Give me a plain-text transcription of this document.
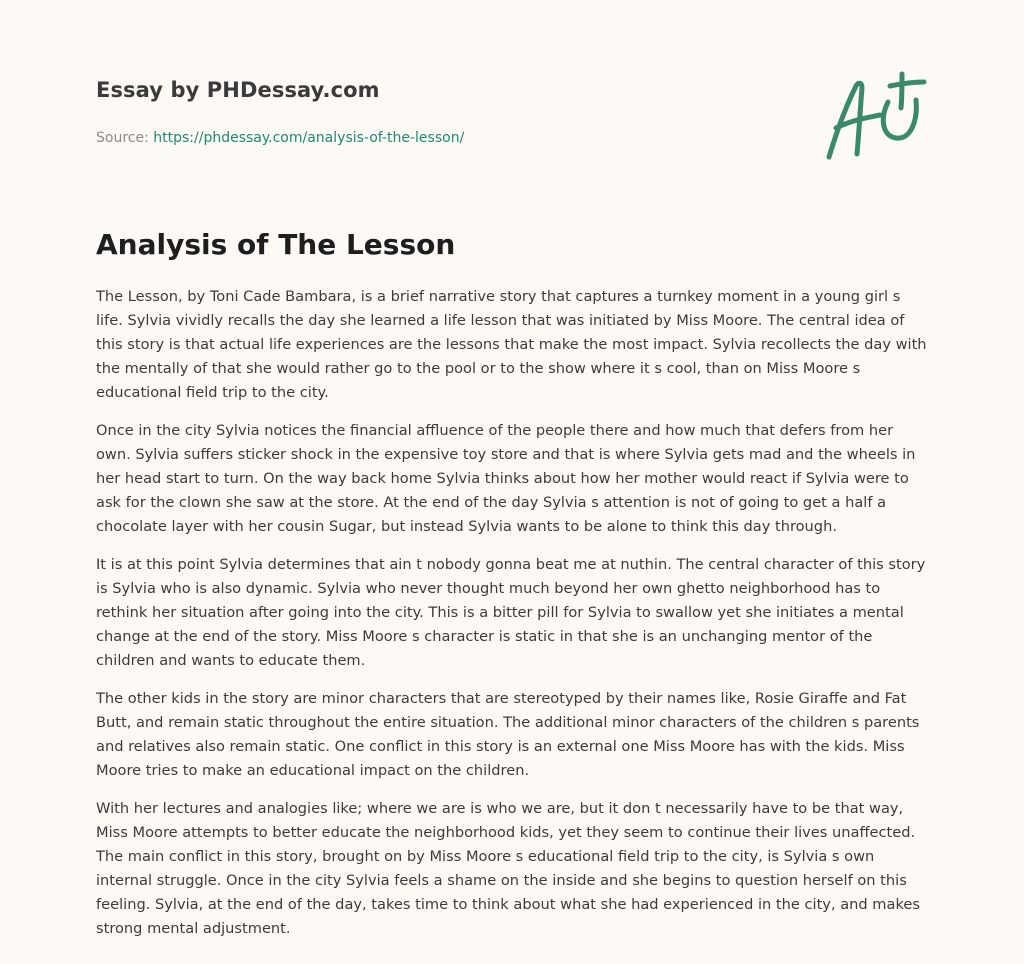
Essay by PHDessay.com
Source: https://phdessay.com/analysis-of-the-lesson/
Analysis of The Lesson

The Lesson, by Toni Cade Bambara, is a brief narrative story that captures a turnkey moment in a young girl s life. Sylvia vividly recalls the day she learned a life lesson that was initiated by Miss Moore. The central idea of this story is that actual life experiences are the lessons that make the most impact. Sylvia recollects the day with the mentally of that she would rather go to the pool or to the show where it s cool, than on Miss Moore s educational field trip to the city.

Once in the city Sylvia notices the financial affluence of the people there and how much that defers from her own. Sylvia suffers sticker shock in the expensive toy store and that is where Sylvia gets mad and the wheels in her head start to turn. On the way back home Sylvia thinks about how her mother would react if Sylvia were to ask for the clown she saw at the store. At the end of the day Sylvia s attention is not of going to get a half a chocolate layer with her cousin Sugar, but instead Sylvia wants to be alone to think this day through.

It is at this point Sylvia determines that ain t nobody gonna beat me at nuthin. The central character of this story is Sylvia who is also dynamic. Sylvia who never thought much beyond her own ghetto neighborhood has to rethink her situation after going into the city. This is a bitter pill for Sylvia to swallow yet she initiates a mental change at the end of the story. Miss Moore s character is static in that she is an unchanging mentor of the children and wants to educate them.

The other kids in the story are minor characters that are stereotyped by their names like, Rosie Giraffe and Fat Butt, and remain static throughout the entire situation. The additional minor characters of the children s parents and relatives also remain static. One conflict in this story is an external one Miss Moore has with the kids. Miss Moore tries to make an educational impact on the children.

With her lectures and analogies like; where we are is who we are, but it don t necessarily have to be that way, Miss Moore attempts to better educate the neighborhood kids, yet they seem to continue their lives unaffected. The main conflict in this story, brought on by Miss Moore s educational field trip to the city, is Sylvia s own internal struggle. Once in the city Sylvia feels a shame on the inside and she begins to question herself on this feeling. Sylvia, at the end of the day, takes time to think about what she had experienced in the city, and makes strong mental adjustment.
